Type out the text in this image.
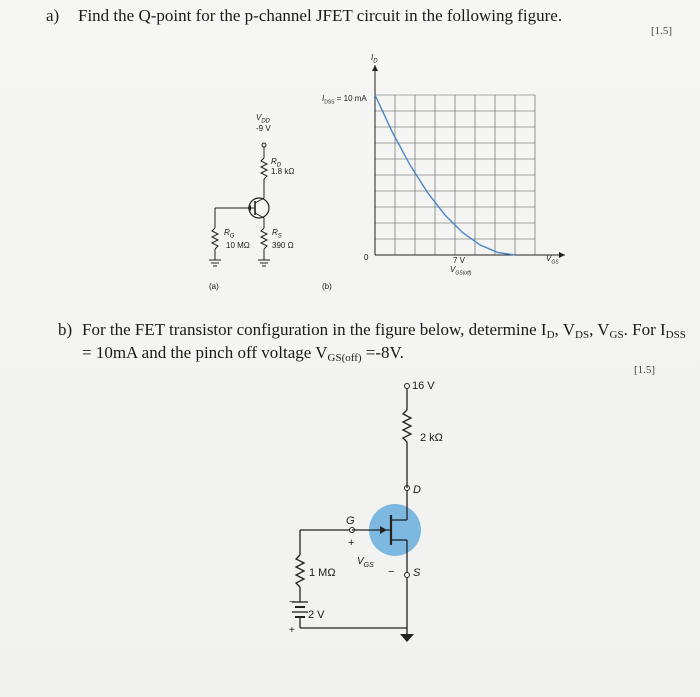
a) Find the Q-point for the p-channel JFET circuit in the following figure.
[1.5]
$V_{DD}$
-9 V
$R_D$
1.8 kΩ
$R_G$
10 MΩ
$R_S$
390 Ω
(a)
$I_D$
$I_{DSS} = 10$ mA
0	7 V
$V_{GS(off)}$
$V_{GS}$
(b)
b) For the FET transistor configuration in the figure below, determine $I_D$, $V_{DS}$, $V_{GS}$. For $I_{DSS}$
= 10mA and the pinch off voltage $V_{GS(off)} =-8V$.
[1.5]
16 V
2 kΩ
D
G
+
$V_{GS}$
− S
1 MΩ
2 V
−
+
